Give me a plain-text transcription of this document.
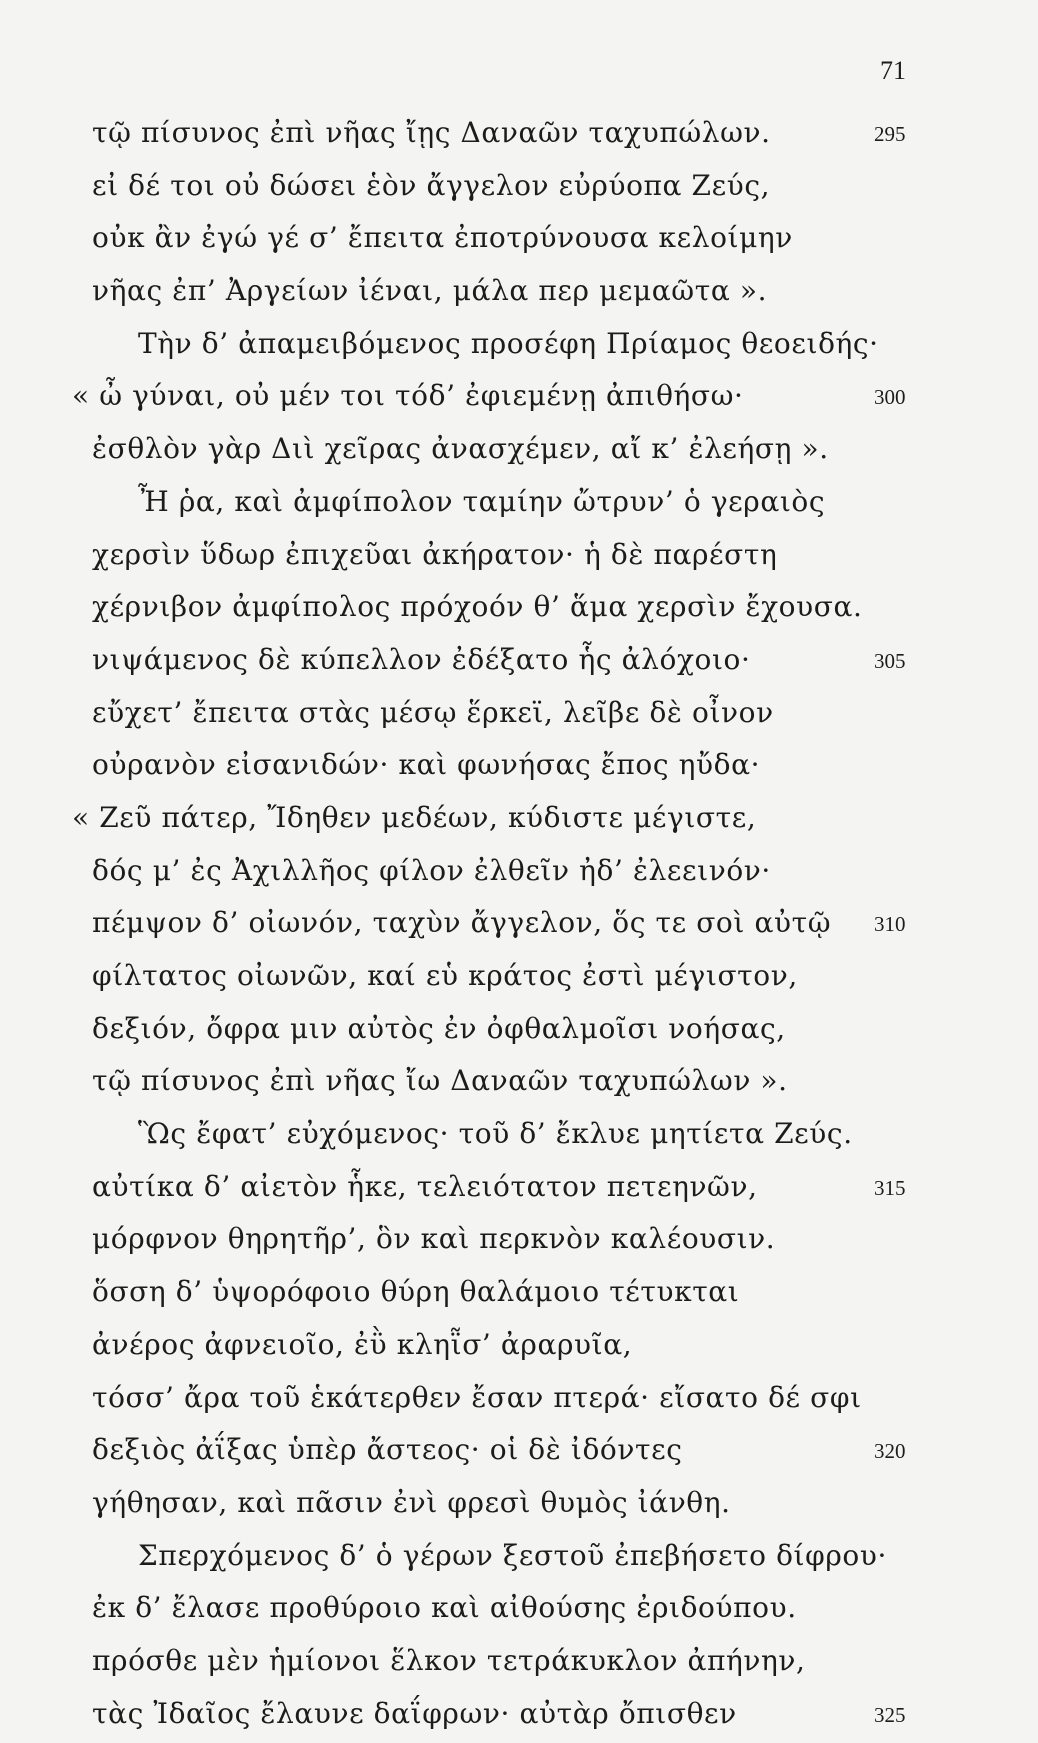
71
τῷ πίσυνος ἐπὶ νῆας ἴῃς Δαναῶν ταχυπώλων.	295
εἰ δέ τοι οὐ δώσει ἑὸν ἄγγελον εὐρύοπα Ζεύς,
οὐκ ἂν ἐγώ γέ σ’ ἔπειτα ἐποτρύνουσα κελοίμην
νῆας ἐπ’ Ἀργείων ἰέναι, μάλα περ μεμαῶτα ».
Τὴν δ’ ἀπαμειβόμενος προσέφη Πρίαμος θεοειδής·
« ὦ γύναι, οὐ μέν τοι τόδ’ ἐφιεμένῃ ἀπιθήσω·	300
ἐσθλὸν γὰρ Διὶ χεῖρας ἀνασχέμεν, αἴ κ’ ἐλεήσῃ ».
Ἦ ῥα, καὶ ἀμφίπολον ταμίην ὤτρυν’ ὁ γεραιὸς
χερσὶν ὕδωρ ἐπιχεῦαι ἀκήρατον· ἡ δὲ παρέστη
χέρνιβον ἀμφίπολος πρόχοόν θ’ ἅμα χερσὶν ἔχουσα.
νιψάμενος δὲ κύπελλον ἐδέξατο ἧς ἀλόχοιο·	305
εὔχετ’ ἔπειτα στὰς μέσῳ ἕρκεϊ, λεῖβε δὲ οἶνον
οὐρανὸν εἰσανιδών· καὶ φωνήσας ἔπος ηὔδα·
« Ζεῦ πάτερ, Ἴδηθεν μεδέων, κύδιστε μέγιστε,
δός μ’ ἐς Ἀχιλλῆος φίλον ἐλθεῖν ἠδ’ ἐλεεινόν·
πέμψον δ’ οἰωνόν, ταχὺν ἄγγελον, ὅς τε σοὶ αὐτῷ 310
φίλτατος οἰωνῶν, καί εὑ κράτος ἐστὶ μέγιστον,
δεξιόν, ὄφρα μιν αὐτὸς ἐν ὀφθαλμοῖσι νοήσας,
τῷ πίσυνος ἐπὶ νῆας ἴω Δαναῶν ταχυπώλων ».
Ὣς ἔφατ’ εὐχόμενος· τοῦ δ’ ἔκλυε μητίετα Ζεύς.
αὐτίκα δ’ αἰετὸν ἧκε, τελειότατον πετεηνῶν,	315
μόρφνον θηρητῆρ’, ὃν καὶ περκνὸν καλέουσιν.
ὅσση δ’ ὑψορόφοιο θύρη θαλάμοιο τέτυκται
ἀνέρος ἀφνειοῖο, ἐῢ κληῗσ’ ἀραρυῖα,
τόσσ’ ἄρα τοῦ ἑκάτερθεν ἔσαν πτερά· εἴσατο δέ σφι
δεξιὸς ἀΐξας ὑπὲρ ἄστεος· οἱ δὲ ἰδόντες	320
γήθησαν, καὶ πᾶσιν ἐνὶ φρεσὶ θυμὸς ἰάνθη.
Σπερχόμενος δ’ ὁ γέρων ξεστοῦ ἐπεβήσετο δίφρου·
ἐκ δ’ ἔλασε προθύροιο καὶ αἰθούσης ἐριδούπου.
πρόσθε μὲν ἡμίονοι ἕλκον τετράκυκλον ἀπήνην,
τὰς Ἰδαῖος ἔλαυνε δαΐφρων· αὐτὰρ ὄπισθεν	325
